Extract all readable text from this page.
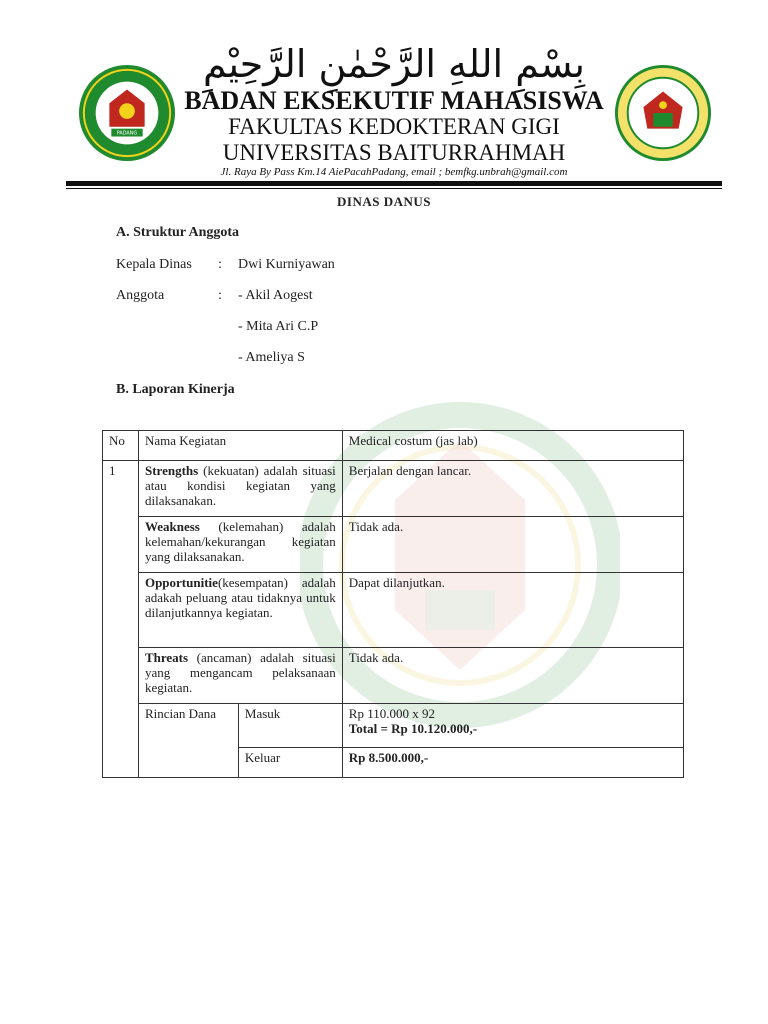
PADANG
بِسْمِ اللهِ الرَّحْمٰنِ الرَّحِيْمِ
BADAN EKSEKUTIF MAHASISWA
FAKULTAS KEDOKTERAN GIGI
UNIVERSITAS BAITURRAHMAH
Jl. Raya By Pass Km.14 AiePacahPadang, email ; bemfkg.unbrah@gmail.com
DINAS DANUS
A. Struktur Anggota
Kepala Dinas : Dwi Kurniyawan
Anggota	: - Akil Aogest
- Mita Ari C.P
- Ameliya S
B. Laporan Kinerja
No	Nama Kegiatan		Medical costum (jas lab)
1	Strengths (kekuatan) adalah situasi atau kondisi kegiatan yang dilaksanakan.		Berjalan dengan lancar.
	Weakness (kelemahan) adalah kelemahan/kekurangan kegiatan yang dilaksanakan.		Tidak ada.
	Opportunitie(kesempatan) adalah adakah peluang atau tidaknya untuk dilanjutkannya kegiatan.		Dapat dilanjutkan.
	Threats (ancaman) adalah situasi yang mengancam pelaksanaan kegiatan.		Tidak ada.
	Rincian Dana	Masuk	Rp 110.000 x 92
Total = Rp 10.120.000,-

		Keluar	Rp 8.500.000,-
